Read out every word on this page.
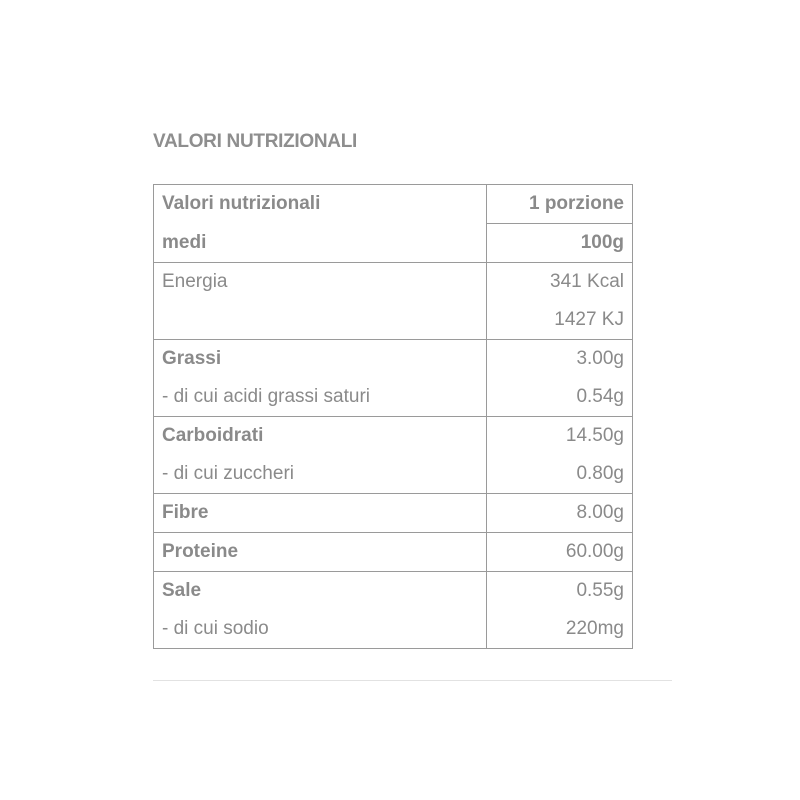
VALORI NUTRIZIONALI
Valori nutrizionali	1 porzione
medi	100g
Energia	341 Kcal
	1427 KJ
Grassi	3.00g
- di cui acidi grassi saturi	0.54g
Carboidrati	14.50g
- di cui zuccheri	0.80g
Fibre	8.00g
Proteine	60.00g
Sale	0.55g
- di cui sodio	220mg
